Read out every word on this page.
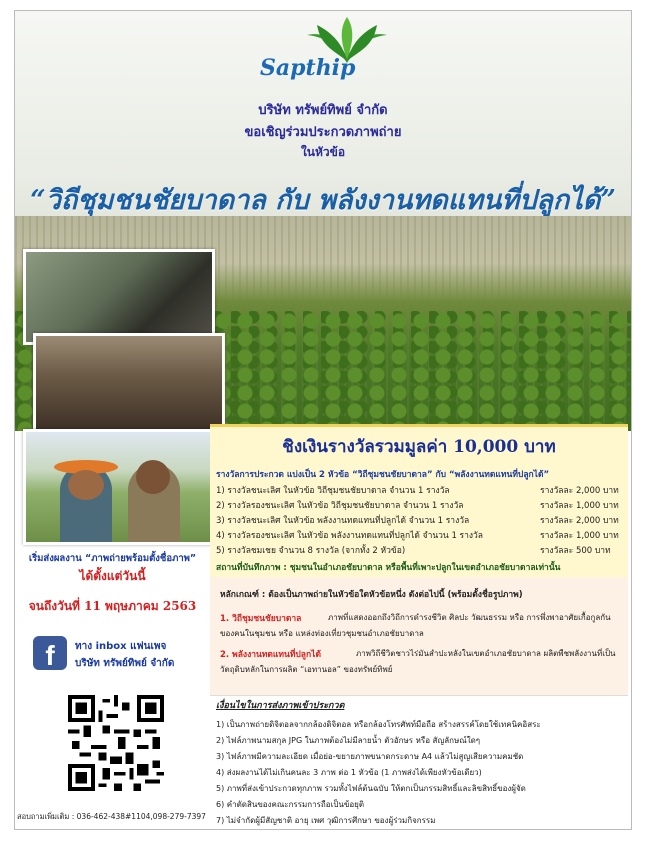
Sapthip
บริษัท ทรัพย์ทิพย์ จำกัด
ขอเชิญร่วมประกวดภาพถ่าย
ในหัวข้อ
“วิถีชุมชนชัยบาดาล กับ พลังงานทดแทนที่ปลูกได้”
ชิงเงินรางวัลรวมมูลค่า 10,000 บาท
รางวัลการประกวด แบ่งเป็น 2 หัวข้อ “วิถีชุมชนชัยบาดาล” กับ “พลังงานทดแทนที่ปลูกได้”
1) รางวัลชนะเลิศ ในหัวข้อ วิถีชุมชนชัยบาดาล จำนวน 1 รางวัล	รางวัลละ 2,000 บาท
2) รางวัลรองชนะเลิศ ในหัวข้อ วิถีชุมชนชัยบาดาล จำนวน 1 รางวัล	รางวัลละ 1,000 บาท
3) รางวัลชนะเลิศ ในหัวข้อ พลังงานทดแทนที่ปลูกได้ จำนวน 1 รางวัล	รางวัลละ 2,000 บาท
4) รางวัลรองชนะเลิศ ในหัวข้อ พลังงานทดแทนที่ปลูกได้ จำนวน 1 รางวัล	รางวัลละ 1,000 บาท
5) รางวัลชมเชย จำนวน 8 รางวัล (จากทั้ง 2 หัวข้อ)	รางวัลละ 500 บาท
สถานที่บันทึกภาพ : ชุมชนในอำเภอชัยบาดาล หรือพื้นที่เพาะปลูกในเขตอำเภอชัยบาดาลเท่านั้น
เริ่มส่งผลงาน “ภาพถ่ายพร้อมตั้งชื่อภาพ”
ได้ตั้งแต่วันนี้
จนถึงวันที่ 11 พฤษภาคม 2563
f	ทาง inbox แฟนเพจ
บริษัท ทรัพย์ทิพย์ จำกัด
สอบถามเพิ่มเติม : 036-462-438#1104,098-279-7397
หลักเกณฑ์ : ต้องเป็นภาพถ่ายในหัวข้อใดหัวข้อหนึ่ง ดังต่อไปนี้ (พร้อมตั้งชื่อรูปภาพ)
1. วิถีชุมชนชัยบาดาล	ภาพที่แสดงออกถึงวิถีการดำรงชีวิต ศิลปะ วัฒนธรรม หรือ การพึ่งพาอาศัยเกื้อกูลกัน
ของคนในชุมชน หรือ แหล่งท่องเที่ยวชุมชนอำเภอชัยบาดาล
2. พลังงานทดแทนที่ปลูกได้	ภาพวิถีชีวิตชาวไร่มันสำปะหลังในเขตอำเภอชัยบาดาล ผลิตพืชพลังงานที่เป็น
วัตถุดิบหลักในการผลิต “เอทานอล” ของทรัพย์ทิพย์
เงื่อนไขในการส่งภาพเข้าประกวด
1) เป็นภาพถ่ายดิจิตอลจากกล้องดิจิตอล หรือกล้องโทรศัพท์มือถือ สร้างสรรค์โดยใช้เทคนิคอิสระ
2) ไฟล์ภาพนามสกุล JPG ในภาพต้องไม่มีลายน้ำ ตัวอักษร หรือ สัญลักษณ์ใดๆ
3) ไฟล์ภาพมีความละเอียด เมื่อย่อ-ขยายภาพขนาดกระดาษ A4 แล้วไม่สูญเสียความคมชัด
4) ส่งผลงานได้ไม่เกินคนละ 3 ภาพ ต่อ 1 หัวข้อ (1 ภาพส่งได้เพียงหัวข้อเดียว)
5) ภาพที่ส่งเข้าประกวดทุกภาพ รวมทั้งไฟล์ต้นฉบับ ให้ตกเป็นกรรมสิทธิ์และลิขสิทธิ์ของผู้จัด
6) คำตัดสินของคณะกรรมการถือเป็นข้อยุติ
7) ไม่จำกัดผู้มีสัญชาติ อายุ เพศ วุฒิการศึกษา ของผู้ร่วมกิจกรรม
